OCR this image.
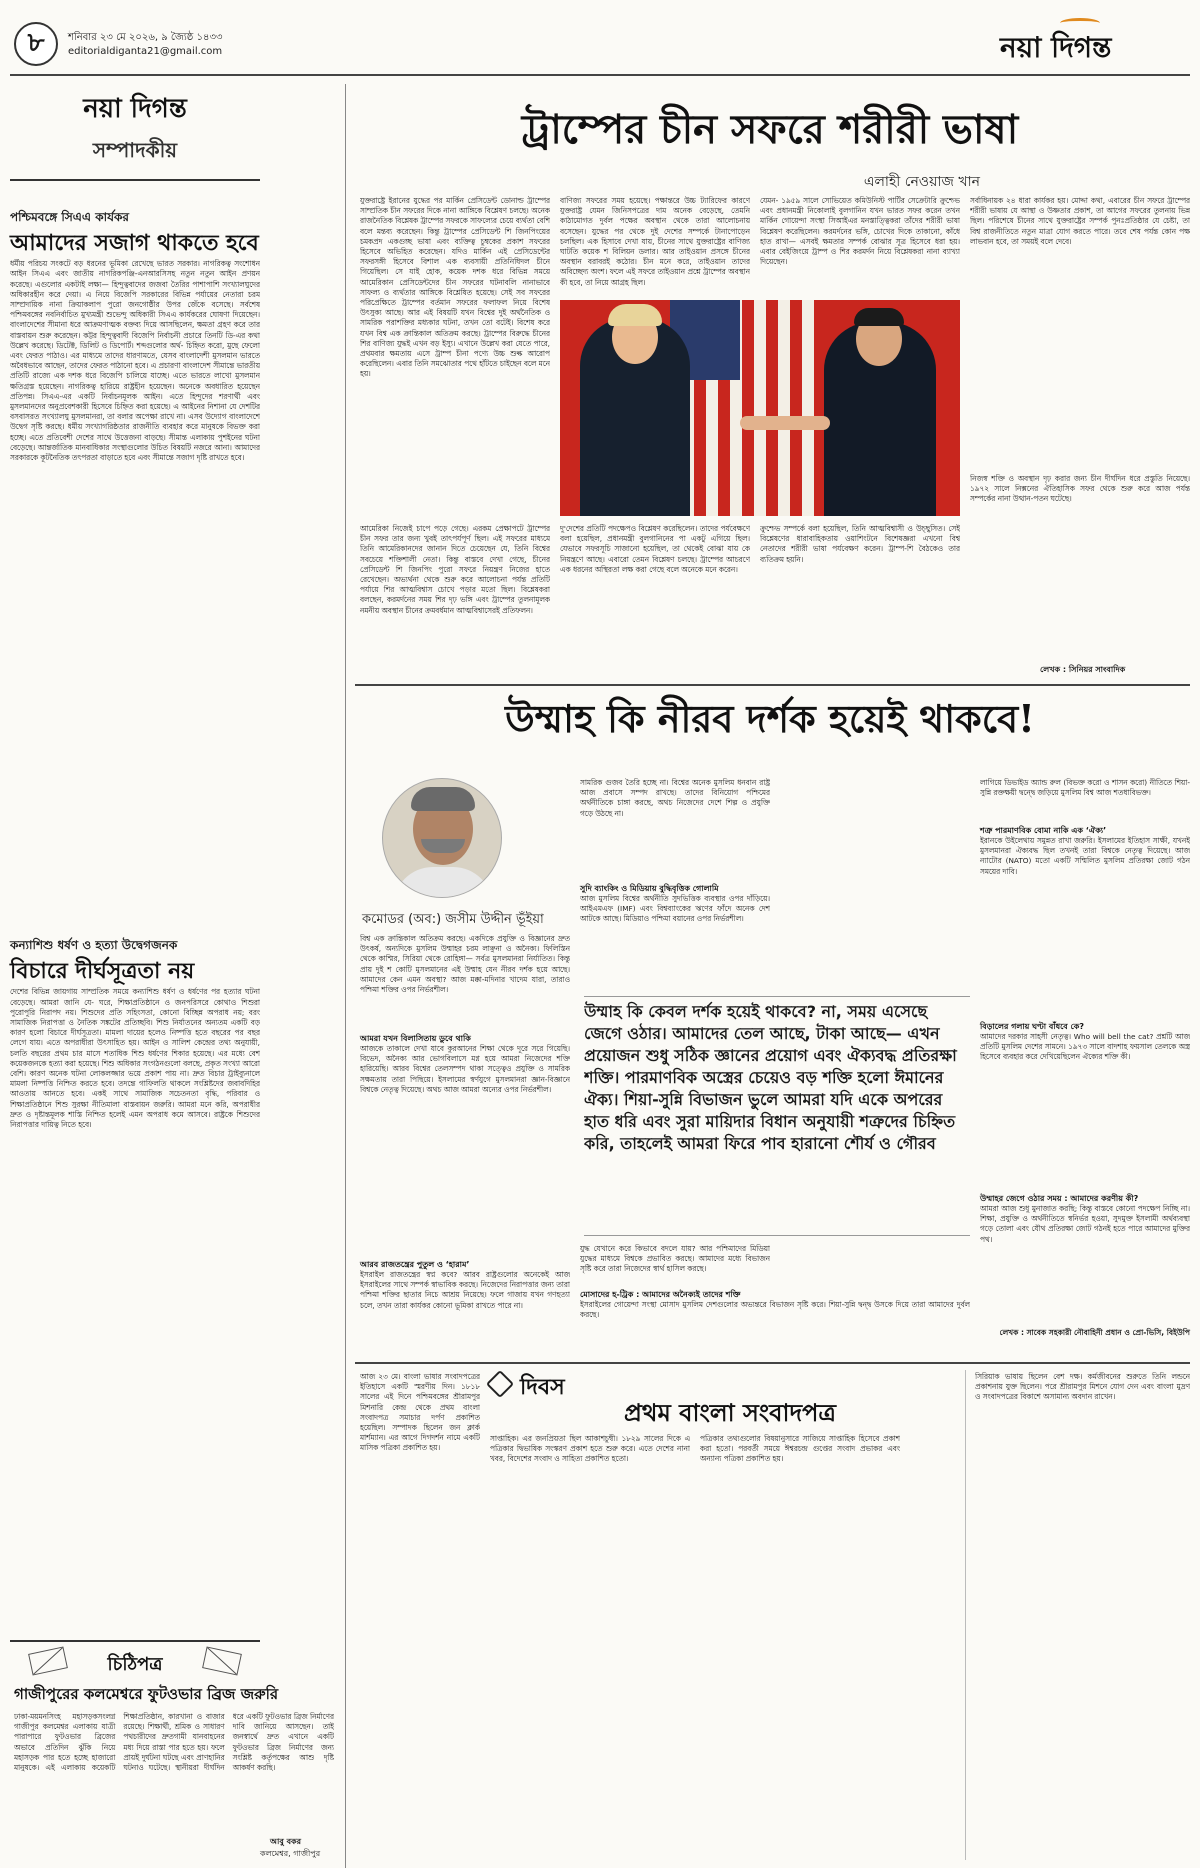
৮ শনিবার ২৩ মে ২০২৬, ৯ জ্যৈষ্ঠ ১৪৩৩
editorialdiganta21@gmail.com	নয়া দিগন্ত
নয়া দিগন্ত
সম্পাদকীয়
পশ্চিমবঙ্গে সিএএ কার্যকর
আমাদের সজাগ থাকতে হবে
ধর্মীয় পরিচয় সংকটে বড় ধরনের ভূমিকা রেখেছে ভারত সরকার। নাগরিকত্ব সংশোধন আইন সিএএ এবং জাতীয় নাগরিকপঞ্জি-এনআরসিসহ নতুন নতুন আইন প্রণয়ন করেছে। এগুলোর একটাই লক্ষ্য— হিন্দুত্ববাদের জজবা তৈরির পাশাপাশি সংখ্যালঘুদের অধিকারহীন করে দেয়া। এ নিয়ে বিজেপি সরকারের বিভিন্ন পর্যায়ের নেতারা চরম সাম্প্রদায়িক নানা ক্রিয়াকলাপ পুরো জনগোষ্ঠীর উপর জেঁকে বসেছে। সর্বশেষ পশ্চিমবঙ্গের নবনির্বাচিত মুখ্যমন্ত্রী শুভেন্দু অধিকারী সিএএ কার্যকরের ঘোষণা দিয়েছেন। বাংলাদেশের সীমানা ধরে আক্রমণাত্মক বক্তব্য দিয়ে আসছিলেন, ক্ষমতা গ্রহণ করে তার বাস্তবায়ন শুরু করেছেন। কট্টর হিন্দুত্ববাদী বিজেপি নির্বাচনী প্রচারে তিনটি ডি-এর কথা উল্লেখ করেছে। ডিটেক্ট, ডিলিট ও ডিপোর্ট। শব্দগুলোর অর্থ- চিহ্নিত করো, মুছে ফেলো এবং ফেরত পাঠাও। এর মাধ্যমে তাদের ধারণামতে, যেসব বাংলাদেশী মুসলমান ভারতে অবৈধভাবে আছেন, তাদের ফেরত পাঠানো হবে। এ প্রচারণা বাংলাদেশ সীমান্তে ভারতীয় প্রতিটি রাজ্যে এক দশক ধরে বিজেপি চালিয়ে যাচ্ছে। এতে ভারতে লাখো মুসলমান ক্ষতিগ্রস্ত হয়েছেন। নাগরিকত্ব হারিয়ে রাষ্ট্রহীন হয়েছেন। অনেকে অবধারিত হয়েছেন প্রতিপন্ন। সিএএ-এর একটি নির্বাচনমূলক আইন। এতে হিন্দুদের শরণার্থী এবং মুসলমানদের অনুপ্রবেশকারী হিসেবে চিহ্নিত করা হয়েছে। এ আইনের নিশানা যে দেশটির বসবাসরত সংখ্যালঘু মুসলমানরা, তা বলার অপেক্ষা রাখে না। এসব উদ্যোগ বাংলাদেশে উদ্বেগ সৃষ্টি করছে। ধর্মীয় সংখ্যাগরিষ্ঠতার রাজনীতি ব্যবহার করে মানুষকে বিভক্ত করা হচ্ছে। এতে প্রতিবেশী দেশের সাথে উত্তেজনা বাড়ছে। সীমান্ত এলাকায় পুশইনের ঘটনা বেড়েছে। আন্তর্জাতিক মানবাধিকার সংস্থাগুলোর উচিত বিষয়টি নজরে আনা। আমাদের সরকারকে কূটনৈতিক তৎপরতা বাড়াতে হবে এবং সীমান্তে সজাগ দৃষ্টি রাখতে হবে।
কন্যাশিশু ধর্ষণ ও হত্যা উদ্বেগজনক
বিচারে দীর্ঘসূত্রতা নয়
দেশের বিভিন্ন জায়গায় সাম্প্রতিক সময়ে কন্যাশিশু ধর্ষণ ও ধর্ষণের পর হত্যার ঘটনা বেড়েছে। আমরা জানি যে- ঘরে, শিক্ষাপ্রতিষ্ঠানে ও জনপরিসরে কোথাও শিশুরা পুরোপুরি নিরাপদ নয়। শিশুদের প্রতি সহিংসতা, কোনো বিচ্ছিন্ন অপরাধ নয়; বরং সামাজিক নিরাপত্তা ও নৈতিক সঙ্কটের প্রতিচ্ছবি। শিশু নির্যাতনের অন্যতম একটি বড় কারণ হলো বিচারে দীর্ঘসূত্রতা। মামলা দায়ের হলেও নিষ্পত্তি হতে বছরের পর বছর লেগে যায়। এতে অপরাধীরা উৎসাহিত হয়। আইন ও সালিশ কেন্দ্রের তথ্য অনুযায়ী, চলতি বছরের প্রথম চার মাসে শতাধিক শিশু ধর্ষণের শিকার হয়েছে। এর মধ্যে বেশ কয়েকজনকে হত্যা করা হয়েছে। শিশু অধিকার সংগঠনগুলো বলছে, প্রকৃত সংখ্যা আরো বেশি। কারণ অনেক ঘটনা লোকলজ্জার ভয়ে প্রকাশ পায় না। দ্রুত বিচার ট্রাইব্যুনালে মামলা নিষ্পত্তি নিশ্চিত করতে হবে। তদন্তে গাফিলতি থাকলে সংশ্লিষ্টদের জবাবদিহির আওতায় আনতে হবে। একই সাথে সামাজিক সচেতনতা বৃদ্ধি, পরিবার ও শিক্ষাপ্রতিষ্ঠানে শিশু সুরক্ষা নীতিমালা বাস্তবায়ন জরুরি। আমরা মনে করি, অপরাধীর দ্রুত ও দৃষ্টান্তমূলক শাস্তি নিশ্চিত হলেই এমন অপরাধ কমে আসবে। রাষ্ট্রকে শিশুদের নিরাপত্তার দায়িত্ব নিতে হবে।
চিঠিপত্র
গাজীপুরের কলমেশ্বরে ফুটওভার ব্রিজ জরুরি
ঢাকা-ময়মনসিংহ মহাসড়কসংলগ্ন গাজীপুর কলমেশ্বর এলাকায় যাত্রী পারাপারে ফুটওভার ব্রিজের অভাবে প্রতিদিন ঝুঁকি নিয়ে মহাসড়ক পার হতে হচ্ছে হাজারো মানুষকে। এই এলাকায় কয়েকটি শিক্ষাপ্রতিষ্ঠান, কারখানা ও বাজার রয়েছে। শিক্ষার্থী, শ্রমিক ও সাধারণ পথচারীদের দ্রুতগামী যানবাহনের মধ্য দিয়ে রাস্তা পার হতে হয়। ফলে প্রায়ই দুর্ঘটনা ঘটছে এবং প্রাণহানির ঘটনাও ঘটেছে। স্থানীয়রা দীর্ঘদিন ধরে একটি ফুটওভার ব্রিজ নির্মাণের দাবি জানিয়ে আসছেন। তাই জনস্বার্থে দ্রুত এখানে একটি ফুটওভার ব্রিজ নির্মাণের জন্য সংশ্লিষ্ট কর্তৃপক্ষের আশু দৃষ্টি আকর্ষণ করছি।
আবু বকর
কলমেশ্বর, গাজীপুর
ট্রাম্পের চীন সফরে শরীরী ভাষা
এলাহী নেওয়াজ খান
যুক্তরাষ্ট্রে ইরানের যুদ্ধের পর মার্কিন প্রেসিডেন্ট ডোনাল্ড ট্রাম্পের সাম্প্রতিক চীন সফরের দিকে নানা আঙ্গিকে বিশ্লেষণ চলছে। অনেক রাজনৈতিক বিশ্লেষক ট্রাম্পের সফরকে সাফল্যের চেয়ে ব্যর্থতা বেশি বলে মন্তব্য করেছেন। কিন্তু ট্রাম্পের প্রেসিডেন্ট শি জিনপিংয়ের চমকপ্রদ একগুচ্ছ ভাষা এবং ব্যক্তিত্ব চুম্বকের প্রকাশ সফরের হিসেবে অভিহিত করেছেন। যদিও মার্কিন এই প্রেসিডেন্টের সফরসঙ্গী হিসেবে বিশাল এক ব্যবসায়ী প্রতিনিধিদল চীনে গিয়েছিল। সে যাই হোক, কয়েক দশক ধরে বিভিন্ন সময়ে আমেরিকান প্রেসিডেন্টদের চীন সফরের ঘটনাবলি নানাভাবে সাফল্য ও ব্যর্থতার আঙ্গিকে বিশ্লেষিত হয়েছে। সেই সব সফরের পরিপ্রেক্ষিতে ট্রাম্পের বর্তমান সফরের ফলাফল নিয়ে বিশেষ উৎসুক্য আছে। আর এই বিষয়টি যখন বিশ্বের দুই অর্থনৈতিক ও সামরিক পরাশক্তির মধ্যকার ঘটনা, তখন তো বটেই। বিশেষ করে যখন বিশ্ব এক ক্রান্তিকাল অতিক্রম করছে। ট্রাম্পের বিরুদ্ধে চীনের শির বাণিজ্য যুদ্ধই এখন বড় ইস্যু। এখানে উল্লেখ করা যেতে পারে, প্রথমবার ক্ষমতায় এসে ট্রাম্প চীনা পণ্যে উচ্চ শুল্ক আরোপ করেছিলেন। এবার তিনি সমঝোতার পথে হাঁটতে চাইছেন বলে মনে হয়।
বাণিজ্য সফরের সময় হয়েছে। পক্ষান্তরে উচ্চ ট্যারিফের কারণে যুক্তরাষ্ট্র যেমন জিনিসপত্রের দাম অনেক বেড়েছে, তেমনি কাঠামোগত দুর্বল পক্ষের অবস্থান থেকে তারা আলোচনায় বসেছেন। যুদ্ধের পর থেকে দুই দেশের সম্পর্কে টানাপোড়েন চলছিল। এক হিসাবে দেখা যায়, চীনের সাথে যুক্তরাষ্ট্রের বাণিজ্য ঘাটতি কয়েক শ বিলিয়ন ডলার। আর তাইওয়ান প্রসঙ্গে চীনের অবস্থান বরাবরই কঠোর। চীন মনে করে, তাইওয়ান তাদের অবিচ্ছেদ্য অংশ। ফলে এই সফরে তাইওয়ান প্রশ্নে ট্রাম্পের অবস্থান কী হবে, তা নিয়ে আগ্রহ ছিল।
যেমন- ১৯৫৯ সালে সোভিয়েত কমিউনিস্ট পার্টির সেক্রেটারি ক্রুশ্চেভ এবং প্রধানমন্ত্রী নিকোলাই বুলগানিন যখন ভারত সফর করেন তখন মার্কিন গোয়েন্দা সংস্থা সিআইএর মনস্তাত্ত্বিকরা তাঁদের শরীরী ভাষা বিশ্লেষণ করেছিলেন। করমর্দনের ভঙ্গি, চোখের দিকে তাকানো, কাঁধে হাত রাখা— এসবই ক্ষমতার সম্পর্ক বোঝার সূত্র হিসেবে ধরা হয়। এবার বেইজিংয়ে ট্রাম্প ও শির করমর্দন নিয়ে বিশ্লেষকরা নানা ব্যাখ্যা দিয়েছেন।
সর্বাধিনায়ক ২৪ ধারা কার্যকর হয়। মোদ্দা কথা, এবারের চীন সফরে ট্রাম্পের শরীরী ভাষায় যে আস্থা ও উষ্ণতার প্রকাশ, তা আগের সফরের তুলনায় ভিন্ন ছিল। পরিশেষে চীনের সাথে যুক্তরাষ্ট্রের সম্পর্ক পুনঃপ্রতিষ্ঠার যে চেষ্টা, তা বিশ্ব রাজনীতিতে নতুন মাত্রা যোগ করতে পারে। তবে শেষ পর্যন্ত কোন পক্ষ লাভবান হবে, তা সময়ই বলে দেবে।
আমেরিকা নিজেই চাপে পড়ে গেছে। এরকম প্রেক্ষাপটে ট্রাম্পের চীন সফর তার জন্য খুবই তাৎপর্যপূর্ণ ছিল। এই সফরের মাধ্যমে তিনি আমেরিকানদের জানান দিতে চেয়েছেন যে, তিনি বিশ্বের সবচেয়ে শক্তিশালী নেতা। কিন্তু বাস্তবে দেখা গেছে, চীনের প্রেসিডেন্ট শি জিনপিং পুরো সফরে নিয়ন্ত্রণ নিজের হাতে রেখেছেন। অভ্যর্থনা থেকে শুরু করে আলোচনা পর্যন্ত প্রতিটি পর্যায়ে শির আত্মবিশ্বাস চোখে পড়ার মতো ছিল। বিশ্লেষকরা বলছেন, করমর্দনের সময় শির দৃঢ় ভঙ্গি এবং ট্রাম্পের তুলনামূলক নমনীয় অবস্থান চীনের ক্রমবর্ধমান আত্মবিশ্বাসেরই প্রতিফলন।
দু'দেশের প্রতিটি পদক্ষেপও বিশ্লেষণ করেছিলেন। তাদের পর্যবেক্ষণে বলা হয়েছিল, প্রধানমন্ত্রী বুলগানিনের পা একটু এগিয়ে ছিল। যেভাবে সফরসূচি সাজানো হয়েছিল, তা থেকেই বোঝা যায় কে নিয়ন্ত্রণে আছে। এবারো তেমন বিশ্লেষণ চলছে। ট্রাম্পের আচরণে এক ধরনের অস্থিরতা লক্ষ করা গেছে বলে অনেকে মনে করেন।
ক্রুশ্চেভ সম্পর্কে বলা হয়েছিল, তিনি আত্মবিশ্বাসী ও উচ্ছ্বসিত। সেই বিশ্লেষণের ধারাবাহিকতায় ওয়াশিংটনে বিশেষজ্ঞরা এখনো বিশ্ব নেতাদের শরীরী ভাষা পর্যবেক্ষণ করেন। ট্রাম্প-শি বৈঠকেও তার ব্যতিক্রম হয়নি।
নিজস্ব শক্তি ও অবস্থান দৃঢ় করার জন্য চীন দীর্ঘদিন ধরে প্রস্তুতি নিয়েছে। ১৯৭২ সালে নিক্সনের ঐতিহাসিক সফর থেকে শুরু করে আজ পর্যন্ত সম্পর্কের নানা উত্থান-পতন ঘটেছে।
লেখক : সিনিয়র সাংবাদিক
উম্মাহ কি নীরব দর্শক হয়েই থাকবে!
কমোডর (অব:) জসীম উদ্দীন ভূঁইয়া
বিশ্ব এক ক্রান্তিকাল অতিক্রম করছে। একদিকে প্রযুক্তি ও বিজ্ঞানের দ্রুত উৎকর্ষ, অন্যদিকে মুসলিম উম্মাহর চরম লাঞ্ছনা ও অনৈক্য। ফিলিস্তিন থেকে কাশ্মির, সিরিয়া থেকে রোহিঙ্গা— সর্বত্র মুসলমানরা নির্যাতিত। কিন্তু প্রায় দুই শ কোটি মুসলমানের এই উম্মাহ যেন নীরব দর্শক হয়ে আছে। আমাদের কেন এমন অবস্থা? আজ মক্কা-মদিনার খাদেম যারা, তারাও পশ্চিমা শক্তির ওপর নির্ভরশীল।
আমরা যখন বিলাসিতায় ডুবে থাকি
আজকে তাকালে দেখা যাবে কুরআনের শিক্ষা থেকে দূরে সরে গিয়েছি। বিভেদ, অনৈক্য আর ভোগবিলাসে মগ্ন হয়ে আমরা নিজেদের শক্তি হারিয়েছি। আরব বিশ্বের তেলসম্পদ থাকা সত্ত্বেও প্রযুক্তি ও সামরিক সক্ষমতায় তারা পিছিয়ে। ইসলামের স্বর্ণযুগে মুসলমানরা জ্ঞান-বিজ্ঞানে বিশ্বকে নেতৃত্ব দিয়েছে। অথচ আজ আমরা অন্যের ওপর নির্ভরশীল।
আরব রাজতন্ত্রের পুতুল ও ‘হারাম’
ইসরাইল রাজতন্ত্রের স্বপ্ন কবে? আরব রাষ্ট্রগুলোর অনেকেই আজ ইসরাইলের সাথে সম্পর্ক স্বাভাবিক করছে। নিজেদের নিরাপত্তার জন্য তারা পশ্চিমা শক্তির ছাতার নিচে আশ্রয় নিয়েছে। ফলে গাজায় যখন গণহত্যা চলে, তখন তারা কার্যকর কোনো ভূমিকা রাখতে পারে না।
সামরিক গুজব তৈরি হচ্ছে না। বিশ্বের অনেক মুসলিম ধনবান রাষ্ট্র আজ প্রবাসে সম্পদ রাখছে। তাদের বিনিয়োগ পশ্চিমের অর্থনীতিকে চাঙ্গা করছে, অথচ নিজেদের দেশে শিল্প ও প্রযুক্তি গড়ে উঠছে না।
সুদি ব্যাংকিং ও মিডিয়ায় বুদ্ধিবৃত্তিক গোলামি
আজ মুসলিম বিশ্বের অর্থনীতি সুদভিত্তিক ব্যবস্থার ওপর দাঁড়িয়ে। আইএমএফ (IMF) এবং বিশ্বব্যাংকের ঋণের ফাঁদে অনেক দেশ আটকে আছে। মিডিয়াও পশ্চিমা বয়ানের ওপর নির্ভরশীল।
উম্মাহ কি কেবল দর্শক হয়েই থাকবে? না, সময় এসেছে জেগে ওঠার। আমাদের তেল আছে, টাকা আছে— এখন প্রয়োজন শুধু সঠিক জ্ঞানের প্রয়োগ এবং ঐক্যবদ্ধ প্রতিরক্ষা শক্তি। পারমাণবিক অস্ত্রের চেয়েও বড় শক্তি হলো ঈমানের ঐক্য। শিয়া-সুন্নি বিভাজন ভুলে আমরা যদি একে অপরের হাত ধরি এবং সুরা মায়িদার বিধান অনুযায়ী শত্রুদের চিহ্নিত করি, তাহলেই আমরা ফিরে পাব হারানো শৌর্য ও গৌরব
যুদ্ধ যেখানে করে কিভাবে বদলে যায়? আর পশ্চিমাদের মিডিয়া যুদ্ধের মাধ্যমে বিশ্বকে প্রভাবিত করছে। আমাদের মধ্যে বিভাজন সৃষ্টি করে তারা নিজেদের স্বার্থ হাসিল করছে।
মোসাদের হ-ট্রিক : আমাদের অনৈক্যই তাদের শক্তি
ইসরাইলের গোয়েন্দা সংস্থা মোসাদ মুসলিম দেশগুলোর অভ্যন্তরে বিভাজন সৃষ্টি করে। শিয়া-সুন্নি দ্বন্দ্ব উসকে দিয়ে তারা আমাদের দুর্বল করছে।
লাগিয়ে ডিভাইড অ্যান্ড রুল (বিভক্ত করো ও শাসন করো) নীতিতে শিয়া-সুন্নি রক্তক্ষয়ী দ্বন্দ্বে জড়িয়ে মুসলিম বিশ্ব আজ শতধাবিভক্ত।
শত্রু পারমাণবিক বোমা নাকি এক ‘ঐক্য’
ইরানকে উইলেথায় সমুন্নত রাখা জরুরি। ইসলামের ইতিহাস সাক্ষী, যখনই মুসলমানরা ঐক্যবদ্ধ ছিল তখনই তারা বিশ্বকে নেতৃত্ব দিয়েছে। আজ ন্যাটোর (NATO) মতো একটি সম্মিলিত মুসলিম প্রতিরক্ষা জোট গঠন সময়ের দাবি।
বিড়ালের গলায় ঘণ্টা বাঁধবে কে?
আমাদের দরকার সাহসী নেতৃত্ব। Who will bell the cat? প্রশ্নটি আজ প্রতিটি মুসলিম দেশের সামনে। ১৯৭৩ সালে বাদশাহ ফয়সাল তেলকে অস্ত্র হিসেবে ব্যবহার করে দেখিয়েছিলেন ঐক্যের শক্তি কী।
উম্মাহর জেগে ওঠার সময় : আমাদের করণীয় কী?
আমরা আজ শুধু মুনাজাত করছি; কিন্তু বাস্তবে কোনো পদক্ষেপ নিচ্ছি না। শিক্ষা, প্রযুক্তি ও অর্থনীতিতে স্বনির্ভর হওয়া, সুদমুক্ত ইসলামী অর্থব্যবস্থা গড়ে তোলা এবং যৌথ প্রতিরক্ষা জোট গঠনই হতে পারে আমাদের মুক্তির পথ।
লেখক : সাবেক সহকারী নৌবাহিনী প্রধান ও প্রো-ভিসি, বিইউপি
দিবস
প্রথম বাংলা সংবাদপত্র
আজ ২৩ মে। বাংলা ভাষার সংবাদপত্রের ইতিহাসে একটি স্মরণীয় দিন। ১৮১৮ সালের এই দিনে পশ্চিমবঙ্গের শ্রীরামপুর মিশনারি কেন্দ্র থেকে প্রথম বাংলা সংবাদপত্র সমাচার দর্পণ প্রকাশিত হয়েছিল। সম্পাদক ছিলেন জন ক্লার্ক মার্শম্যান। এর আগে দিগদর্শন নামে একটি মাসিক পত্রিকা প্রকাশিত হয়।
সাপ্তাহিক। এর জনপ্রিয়তা ছিল আকাশচুম্বী। ১৮২৯ সালের দিকে এ পত্রিকার দ্বিভাষিক সংস্করণ প্রকাশ হতে শুরু করে। এতে দেশের নানা খবর, বিদেশের সংবাদ ও সাহিত্য প্রকাশিত হতো।
পত্রিকার তথ্যগুলোর বিষয়ানুসারে সাজিয়ে সাপ্তাহিক হিসেবে প্রকাশ করা হতো। পরবর্তী সময়ে ঈশ্বরচন্দ্র গুপ্তের সংবাদ প্রভাকর এবং অন্যান্য পত্রিকা প্রকাশিত হয়।
সিরিয়াক ভাষায় ছিলেন বেশ দক্ষ। কর্মজীবনের শুরুতে তিনি লন্ডনে প্রকাশনায় যুক্ত ছিলেন। পরে শ্রীরামপুর মিশনে যোগ দেন এবং বাংলা মুদ্রণ ও সংবাদপত্রের বিকাশে অসামান্য অবদান রাখেন।
